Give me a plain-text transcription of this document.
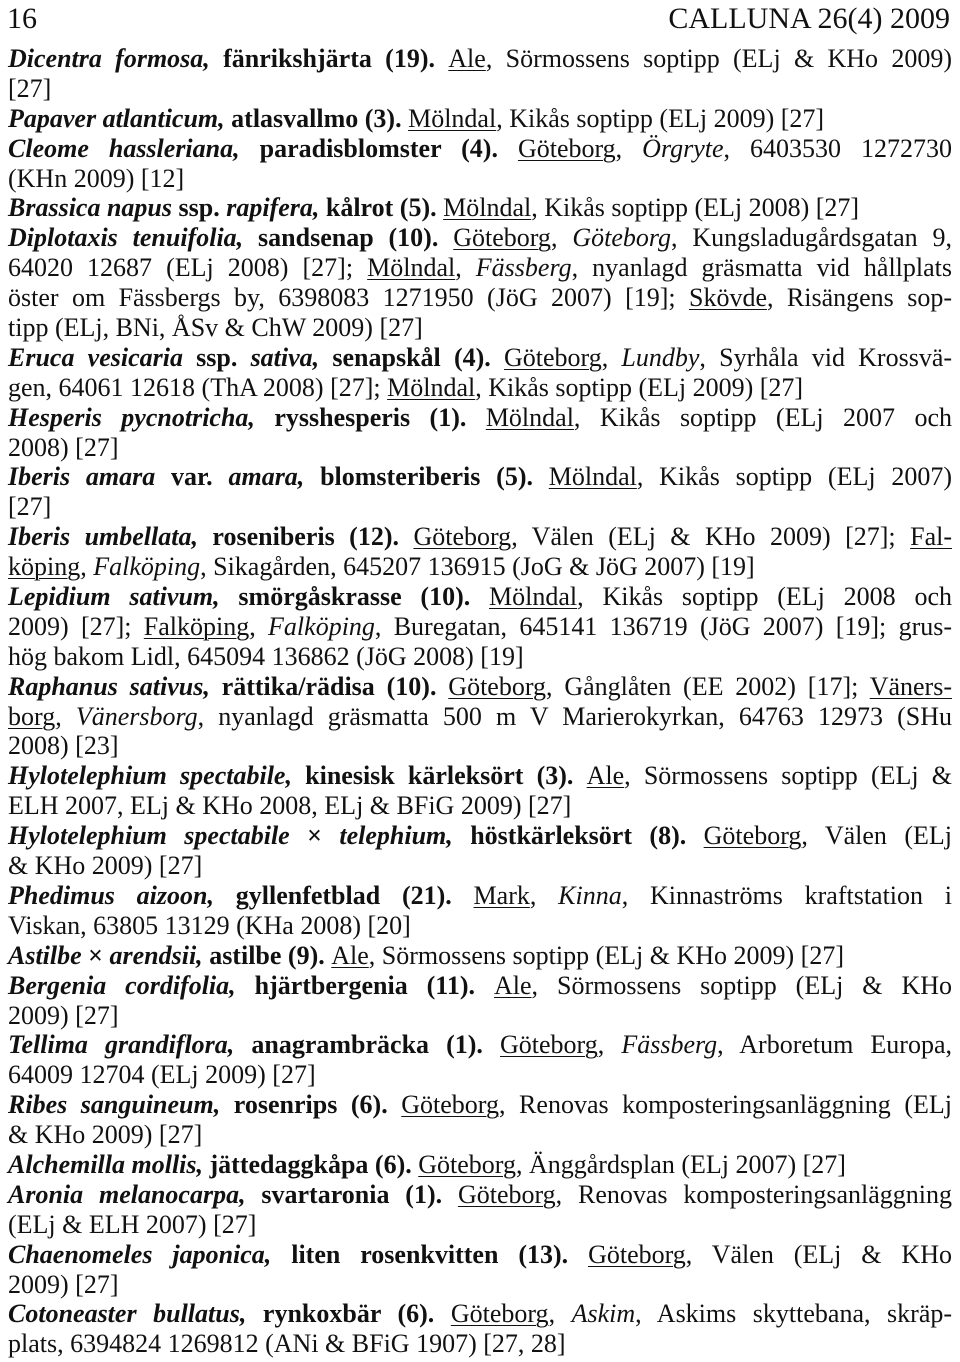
16	CALLUNA 26(4) 2009
Dicentra formosa, fänrikshjärta (19). Ale, Sörmossens soptipp (ELj & KHo 2009)
[27]
Papaver atlanticum, atlasvallmo (3). Mölndal, Kikås soptipp (ELj 2009) [27]
Cleome hassleriana, paradisblomster (4). Göteborg, Örgryte, 6403530 1272730
(KHn 2009) [12]
Brassica napus ssp. rapifera, kålrot (5). Mölndal, Kikås soptipp (ELj 2008) [27]
Diplotaxis tenuifolia, sandsenap (10). Göteborg, Göteborg, Kungsladugårdsgatan 9,
64020 12687 (ELj 2008) [27]; Mölndal, Fässberg, nyanlagd gräsmatta vid hållplats
öster om Fässbergs by, 6398083 1271950 (JöG 2007) [19]; Skövde, Risängens sop-
tipp (ELj, BNi, ÅSv & ChW 2009) [27]
Eruca vesicaria ssp. sativa, senapskål (4). Göteborg, Lundby, Syrhåla vid Krossvä-
gen, 64061 12618 (ThA 2008) [27]; Mölndal, Kikås soptipp (ELj 2009) [27]
Hesperis pycnotricha, rysshesperis (1). Mölndal, Kikås soptipp (ELj 2007 och
2008) [27]
Iberis amara var. amara, blomsteriberis (5). Mölndal, Kikås soptipp (ELj 2007)
[27]
Iberis umbellata, roseniberis (12). Göteborg, Välen (ELj & KHo 2009) [27]; Fal-
köping, Falköping, Sikagården, 645207 136915 (JoG & JöG 2007) [19]
Lepidium sativum, smörgåskrasse (10). Mölndal, Kikås soptipp (ELj 2008 och
2009) [27]; Falköping, Falköping, Buregatan, 645141 136719 (JöG 2007) [19]; grus-
hög bakom Lidl, 645094 136862 (JöG 2008) [19]
Raphanus sativus, rättika/rädisa (10). Göteborg, Gånglåten (EE 2002) [17]; Väners-
borg, Vänersborg, nyanlagd gräsmatta 500 m V Marierokyrkan, 64763 12973 (SHu
2008) [23]
Hylotelephium spectabile, kinesisk kärleksört (3). Ale, Sörmossens soptipp (ELj &
ELH 2007, ELj & KHo 2008, ELj & BFiG 2009) [27]
Hylotelephium spectabile × telephium, höstkärleksört (8). Göteborg, Välen (ELj
& KHo 2009) [27]
Phedimus aizoon, gyllenfetblad (21). Mark, Kinna, Kinnaströms kraftstation i
Viskan, 63805 13129 (KHa 2008) [20]
Astilbe × arendsii, astilbe (9). Ale, Sörmossens soptipp (ELj & KHo 2009) [27]
Bergenia cordifolia, hjärtbergenia (11). Ale, Sörmossens soptipp (ELj & KHo
2009) [27]
Tellima grandiflora, anagrambräcka (1). Göteborg, Fässberg, Arboretum Europa,
64009 12704 (ELj 2009) [27]
Ribes sanguineum, rosenrips (6). Göteborg, Renovas komposteringsanläggning (ELj
& KHo 2009) [27]
Alchemilla mollis, jättedaggkåpa (6). Göteborg, Änggårdsplan (ELj 2007) [27]
Aronia melanocarpa, svartaronia (1). Göteborg, Renovas komposteringsanläggning
(ELj & ELH 2007) [27]
Chaenomeles japonica, liten rosenkvitten (13). Göteborg, Välen (ELj & KHo
2009) [27]
Cotoneaster bullatus, rynkoxbär (6). Göteborg, Askim, Askims skyttebana, skräp-
plats, 6394824 1269812 (ANi & BFiG 1907) [27, 28]
